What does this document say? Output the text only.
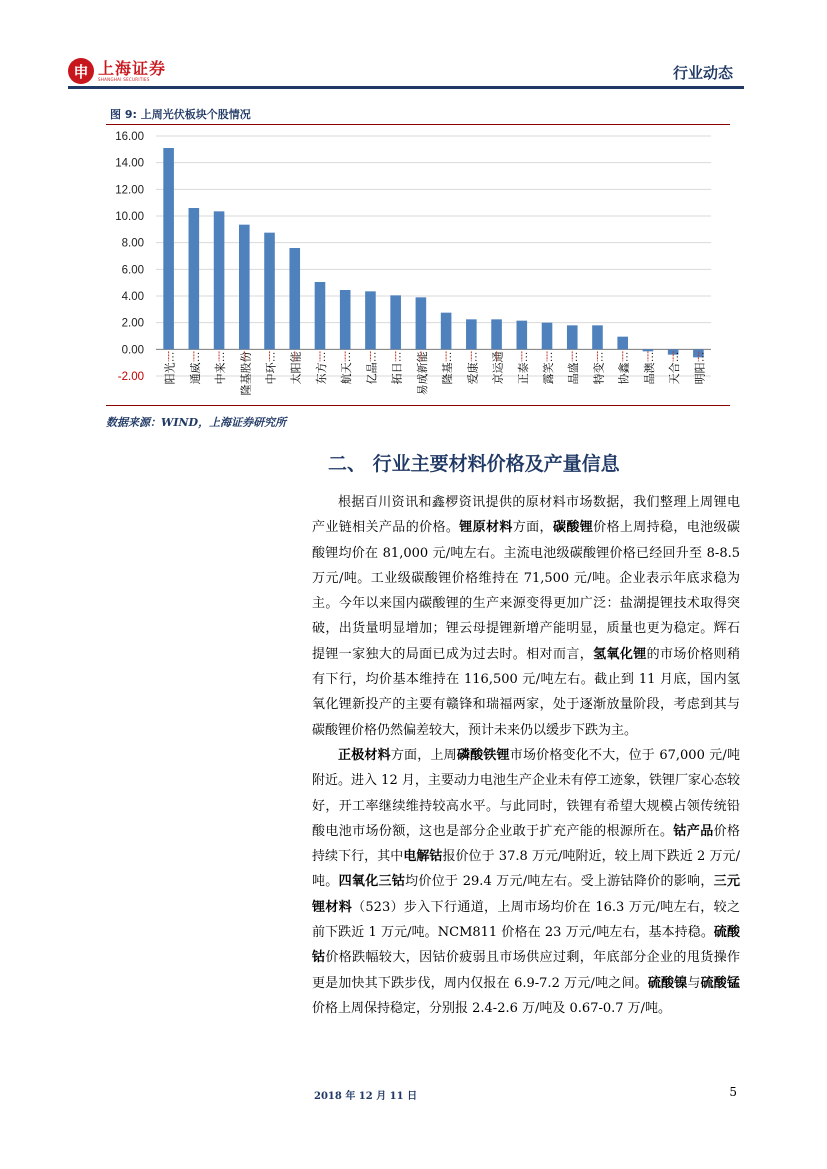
申 上海证券
SHANGHAI SECURITIES	行业动态
图 9: 上周光伏板块个股情况
-2.00
0.00
2.00
4.00
6.00
8.00
10.00
12.00
14.00
16.00
阳光… 通威… 中来… 隆基股份 中环… 太阳能 东方… 航天… 亿晶… 拓日… 易成新能 隆基… 爱康… 京运通 正泰… 露笑… 晶盛… 特变… 协鑫… 晶澳… 天合… 明阳…
数据来源：WIND，上海证券研究所
二、 行业主要材料价格及产量信息

根据百川资讯和鑫椤资讯提供的原材料市场数据，我们整理上周锂电产业链相关产品的价格。锂原材料方面，碳酸锂价格上周持稳，电池级碳酸锂均价在 81,000 元/吨左右。主流电池级碳酸锂价格已经回升至 8-8.5 万元/吨。工业级碳酸锂价格维持在 71,500 元/吨。企业表示年底求稳为主。今年以来国内碳酸锂的生产来源变得更加广泛：盐湖提锂技术取得突破，出货量明显增加；锂云母提锂新增产能明显，质量也更为稳定。辉石提锂一家独大的局面已成为过去时。相对而言，氢氧化锂的市场价格则稍有下行，均价基本维持在 116,500 元/吨左右。截止到 11 月底，国内氢氧化锂新投产的主要有赣锋和瑞福两家，处于逐渐放量阶段，考虑到其与碳酸锂价格仍然偏差较大，预计未来仍以缓步下跌为主。

正极材料方面，上周磷酸铁锂市场价格变化不大，位于 67,000 元/吨附近。进入 12 月，主要动力电池生产企业未有停工迹象，铁锂厂家心态较好，开工率继续维持较高水平。与此同时，铁锂有希望大规模占领传统铅酸电池市场份额，这也是部分企业敢于扩充产能的根源所在。钴产品价格持续下行，其中电解钴报价位于 37.8 万元/吨附近，较上周下跌近 2 万元/吨。四氧化三钴均价位于 29.4 万元/吨左右。受上游钴降价的影响，三元锂材料（523）步入下行通道，上周市场均价在 16.3 万元/吨左右，较之前下跌近 1 万元/吨。NCM811 价格在 23 万元/吨左右，基本持稳。硫酸钴价格跌幅较大，因钴价疲弱且市场供应过剩，年底部分企业的甩货操作更是加快其下跌步伐，周内仅报在 6.9-7.2 万元/吨之间。硫酸镍与硫酸锰价格上周保持稳定，分别报 2.4-2.6 万/吨及 0.67-0.7 万/吨。

2018 年 12 月 11 日	5
